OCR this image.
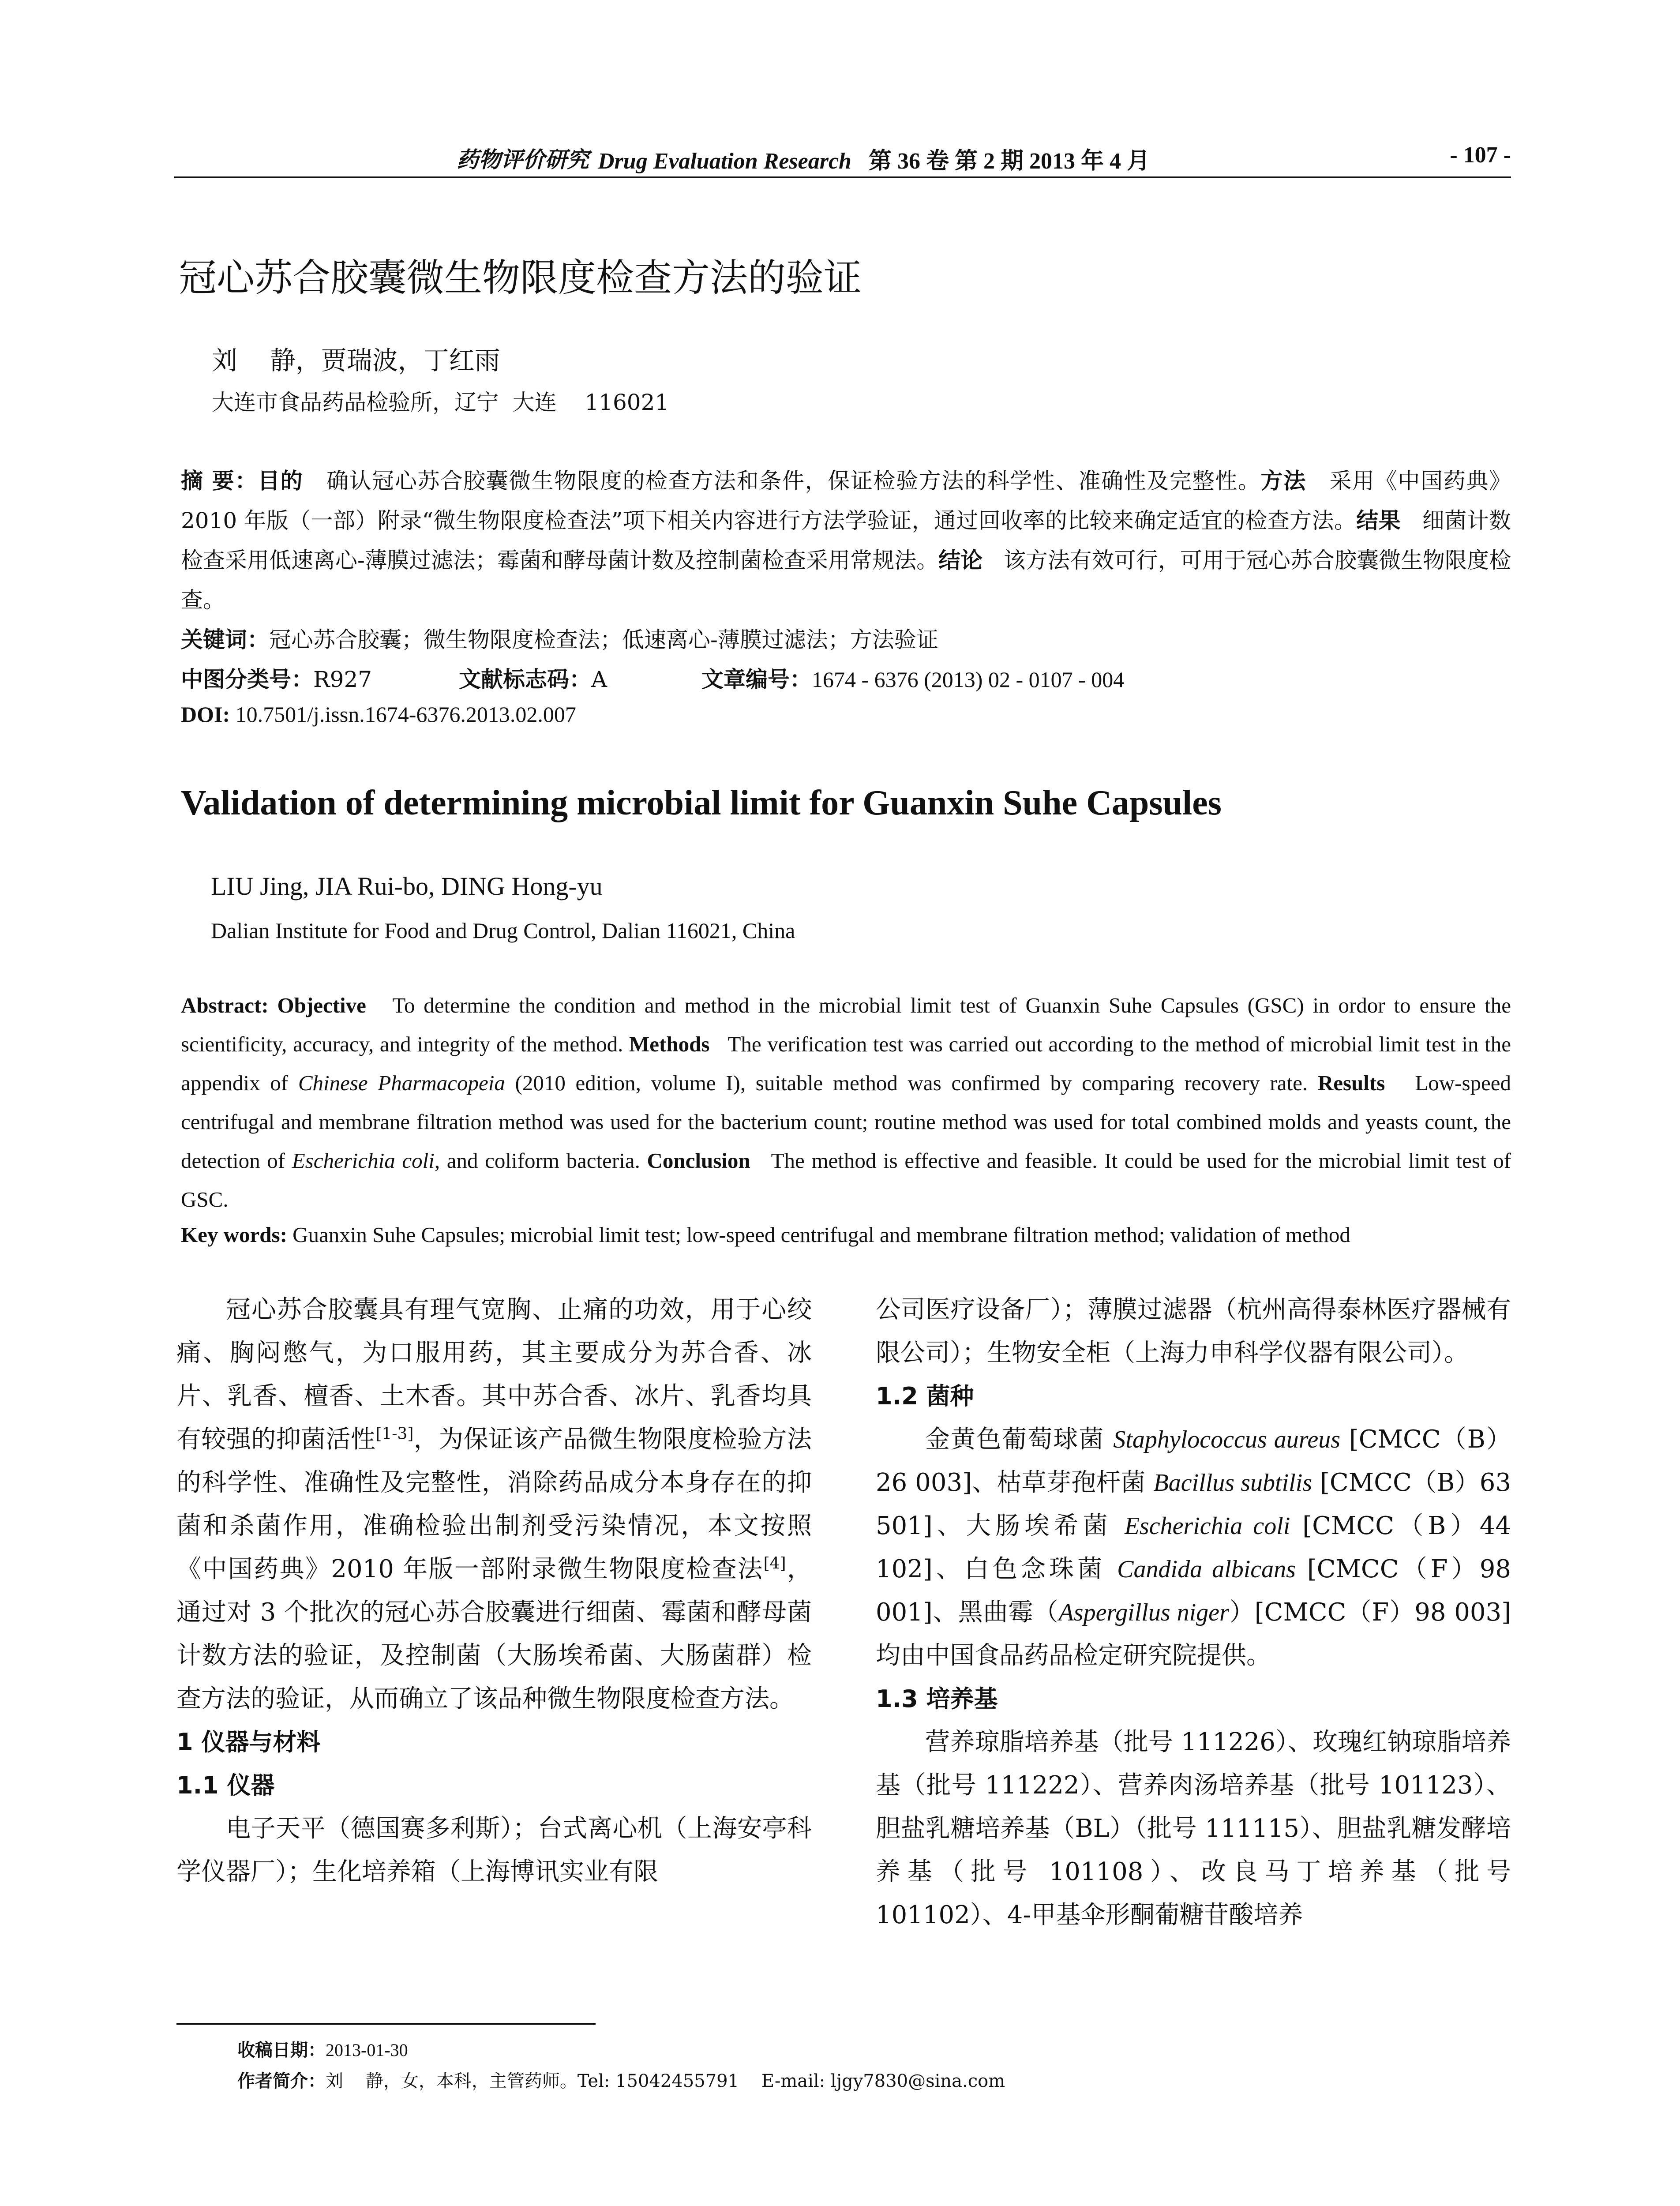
药物评价研究 Drug Evaluation Research 第 36 卷 第 2 期 2013 年 4 月	- 107 -
冠心苏合胶囊微生物限度检查方法的验证
刘    静，贾瑞波，丁红雨
大连市食品药品检验所，辽宁  大连    116021
摘 要：目的 确认冠心苏合胶囊微生物限度的检查方法和条件，保证检验方法的科学性、准确性及完整性。方法 采用《中国药典》2010 年版（一部）附录“微生物限度检查法”项下相关内容进行方法学验证，通过回收率的比较来确定适宜的检查方法。结果 细菌计数检查采用低速离心-薄膜过滤法；霉菌和酵母菌计数及控制菌检查采用常规法。结论 该方法有效可行，可用于冠心苏合胶囊微生物限度检查。
关键词：冠心苏合胶囊；微生物限度检查法；低速离心-薄膜过滤法；方法验证
中图分类号：R927	文献标志码：A	文章编号：1674 - 6376 (2013) 02 - 0107 - 004
DOI: 10.7501/j.issn.1674-6376.2013.02.007
Validation of determining microbial limit for Guanxin Suhe Capsules
LIU Jing, JIA Rui-bo, DING Hong-yu
Dalian Institute for Food and Drug Control, Dalian 116021, China
Abstract: Objective To determine the condition and method in the microbial limit test of Guanxin Suhe Capsules (GSC) in ordor to ensure the scientificity, accuracy, and integrity of the method. Methods The verification test was carried out according to the method of microbial limit test in the appendix of Chinese Pharmacopeia (2010 edition, volume I), suitable method was confirmed by comparing recovery rate. Results Low-speed centrifugal and membrane filtration method was used for the bacterium count; routine method was used for total combined molds and yeasts count, the detection of Escherichia coli, and coliform bacteria. Conclusion The method is effective and feasible. It could be used for the microbial limit test of GSC.
Key words: Guanxin Suhe Capsules; microbial limit test; low-speed centrifugal and membrane filtration method; validation of method

冠心苏合胶囊具有理气宽胸、止痛的功效，用于心绞痛、胸闷憋气，为口服用药，其主要成分为苏合香、冰片、乳香、檀香、土木香。其中苏合香、冰片、乳香均具有较强的抑菌活性[1-3]，为保证该产品微生物限度检验方法的科学性、准确性及完整性，消除药品成分本身存在的抑菌和杀菌作用，准确检验出制剂受污染情况，本文按照《中国药典》2010 年版一部附录微生物限度检查法[4]，通过对 3 个批次的冠心苏合胶囊进行细菌、霉菌和酵母菌计数方法的验证，及控制菌（大肠埃希菌、大肠菌群）检查方法的验证，从而确立了该品种微生物限度检查方法。

1 仪器与材料
1.1 仪器

电子天平（德国赛多利斯）；台式离心机（上海安亭科学仪器厂）；生化培养箱（上海博讯实业有限

公司医疗设备厂）；薄膜过滤器（杭州高得泰林医疗器械有限公司）；生物安全柜（上海力申科学仪器有限公司）。

1.2 菌种

金黄色葡萄球菌 Staphylococcus aureus [CMCC（B）26 003]、枯草芽孢杆菌 Bacillus subtilis [CMCC（B）63 501]、大肠埃希菌 Escherichia coli [CMCC（B）44 102]、白色念珠菌 Candida albicans [CMCC（F）98 001]、黑曲霉（Aspergillus niger）[CMCC（F）98 003] 均由中国食品药品检定研究院提供。

1.3 培养基

营养琼脂培养基（批号 111226）、玫瑰红钠琼脂培养基（批号 111222）、营养肉汤培养基（批号 101123）、胆盐乳糖培养基（BL）（批号 111115）、胆盐乳糖发酵培养基（批号 101108）、改良马丁培养基（批号 101102）、4-甲基伞形酮葡糖苷酸培养

收稿日期：2013-01-30
作者简介：刘    静，女，本科，主管药师。Tel: 15042455791    E-mail: ljgy7830@sina.com
